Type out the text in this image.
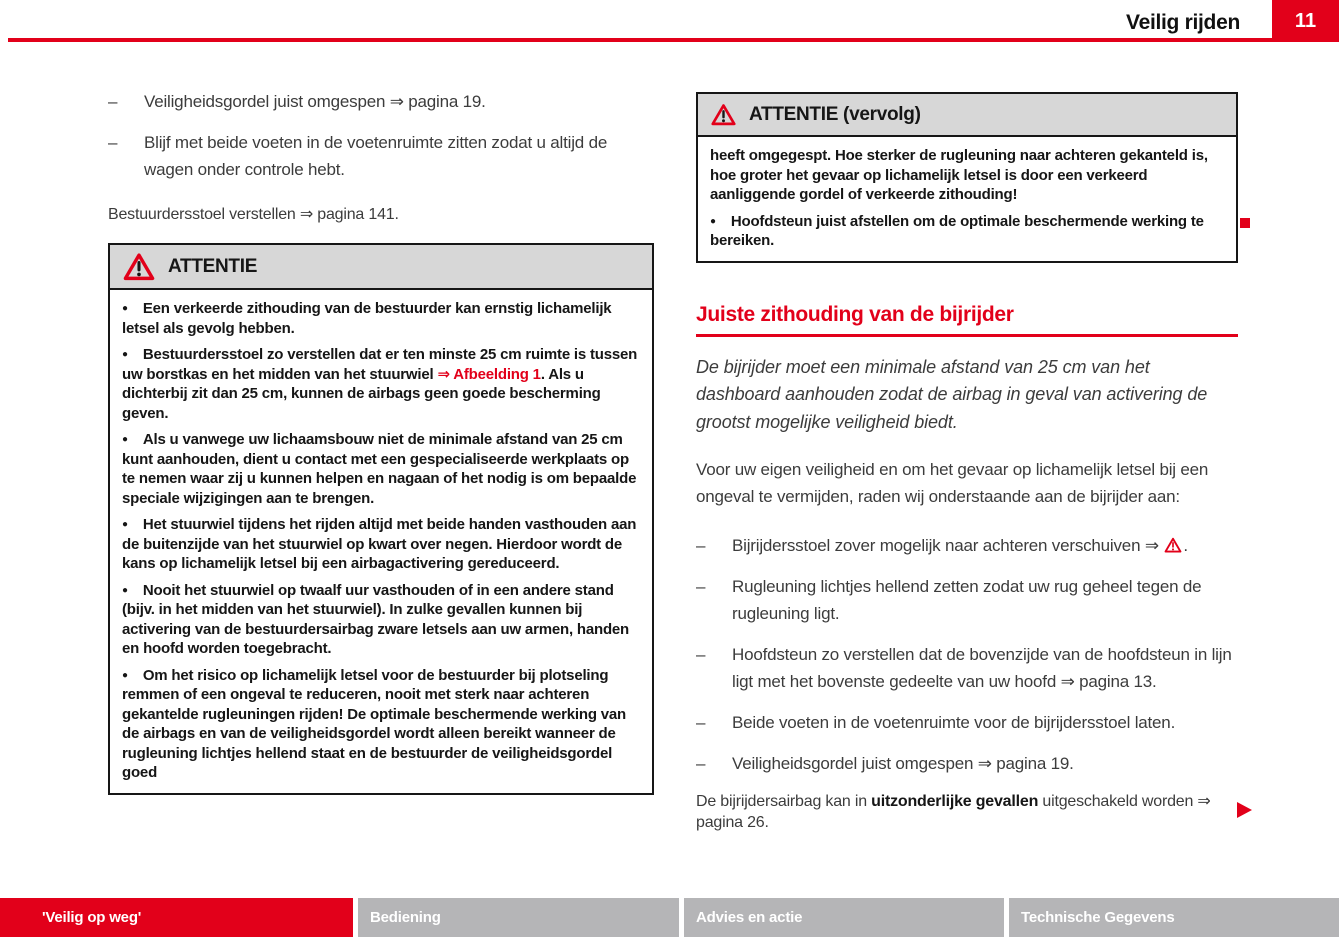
Veilig rijden	11
– Veiligheidsgordel juist omgespen ⇒ pagina 19.
– Blijf met beide voeten in de voetenruimte zitten zodat u altijd de wagen onder controle hebt.

Bestuurdersstoel verstellen ⇒ pagina 141.

ATTENTIE

● Een verkeerde zithouding van de bestuurder kan ernstig lichamelijk letsel als gevolg hebben.

● Bestuurdersstoel zo verstellen dat er ten minste 25 cm ruimte is tussen uw borstkas en het midden van het stuurwiel ⇒ Afbeelding 1. Als u dichterbij zit dan 25 cm, kunnen de airbags geen goede bescherming geven.

● Als u vanwege uw lichaamsbouw niet de minimale afstand van 25 cm kunt aanhouden, dient u contact met een gespecialiseerde werkplaats op te nemen waar zij u kunnen helpen en nagaan of het nodig is om bepaalde speciale wijzigingen aan te brengen.

● Het stuurwiel tijdens het rijden altijd met beide handen vasthouden aan de buitenzijde van het stuurwiel op kwart over negen. Hierdoor wordt de kans op lichamelijk letsel bij een airbagactivering gereduceerd.

● Nooit het stuurwiel op twaalf uur vasthouden of in een andere stand (bijv. in het midden van het stuurwiel). In zulke gevallen kunnen bij activering van de bestuurdersairbag zware letsels aan uw armen, handen en hoofd worden toegebracht.

● Om het risico op lichamelijk letsel voor de bestuurder bij plotseling remmen of een ongeval te reduceren, nooit met sterk naar achteren gekantelde rugleuningen rijden! De optimale beschermende werking van de airbags en van de veiligheidsgordel wordt alleen bereikt wanneer de rugleuning lichtjes hellend staat en de bestuurder de veiligheidsgordel goed

ATTENTIE (vervolg)

heeft omgegespt. Hoe sterker de rugleuning naar achteren gekanteld is, hoe groter het gevaar op lichamelijk letsel is door een verkeerd aanliggende gordel of verkeerde zithouding!

● Hoofdsteun juist afstellen om de optimale beschermende werking te bereiken.

Juiste zithouding van de bijrijder

De bijrijder moet een minimale afstand van 25 cm van het dashboard aanhouden zodat de airbag in geval van activering de grootst mogelijke veiligheid biedt.

Voor uw eigen veiligheid en om het gevaar op lichamelijk letsel bij een ongeval te vermijden, raden wij onderstaande aan de bijrijder aan:

– Bijrijdersstoel zover mogelijk naar achteren verschuiven ⇒ .
– Rugleuning lichtjes hellend zetten zodat uw rug geheel tegen de rugleuning ligt.
– Hoofdsteun zo verstellen dat de bovenzijde van de hoofdsteun in lijn ligt met het bovenste gedeelte van uw hoofd ⇒ pagina 13.
– Beide voeten in de voetenruimte voor de bijrijdersstoel laten.
– Veiligheidsgordel juist omgespen ⇒ pagina 19.

De bijrijdersairbag kan in uitzonderlijke gevallen uitgeschakeld worden ⇒ pagina 26.

'Veilig op weg'	Bediening	Advies en actie	Technische Gegevens
